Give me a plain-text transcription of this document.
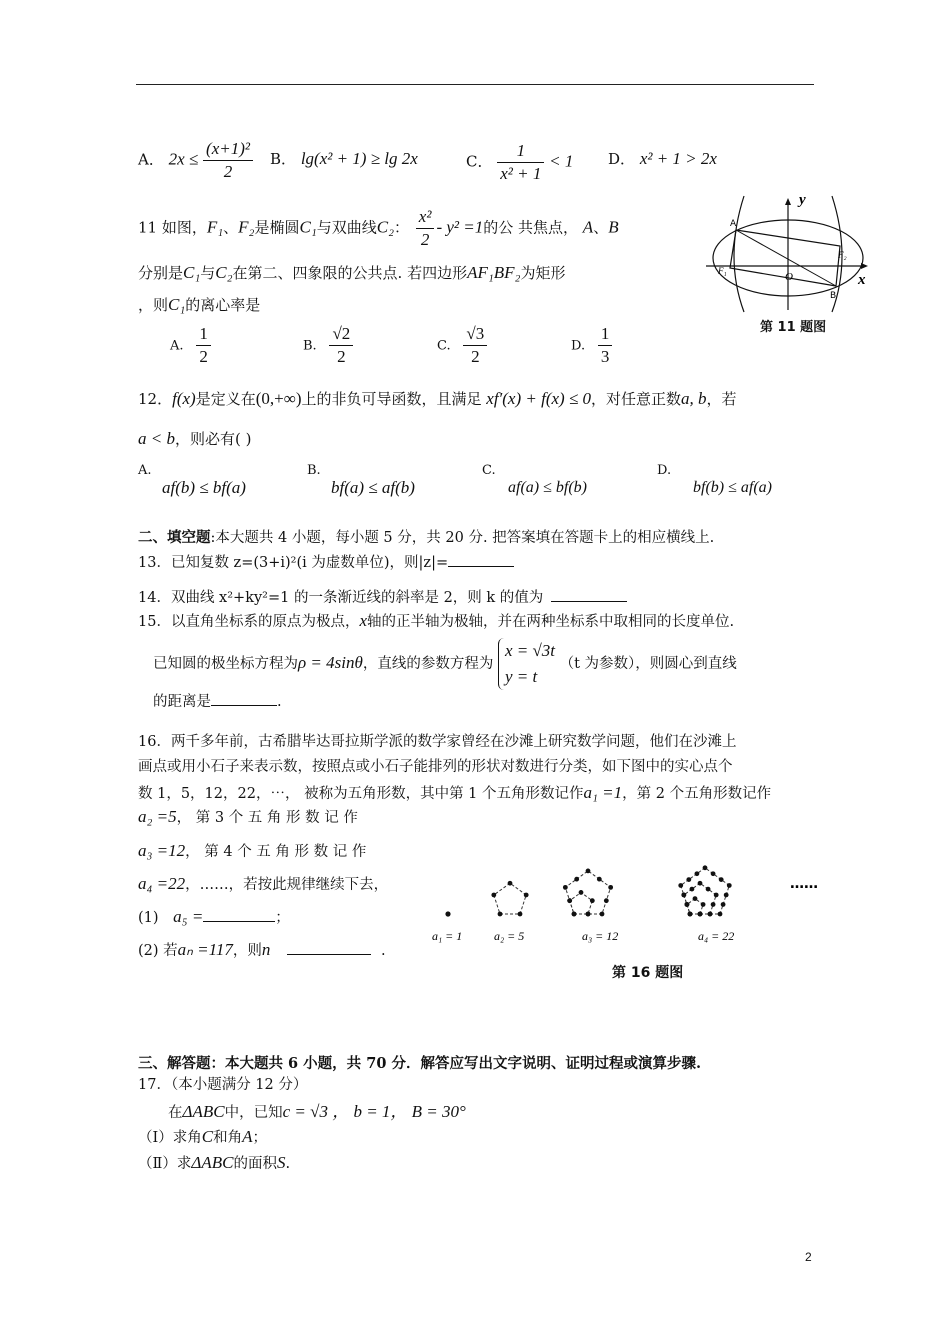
A． $2x \le \frac{\text{(x+1)²}}{2}$ B． lg(x² + 1) ≥ lg 2x	C． $\frac{1}{\text{x² + 1}} < 1$ D． x² + 1 > 2x
11 如图，F₁、F₂是椭圆C₁与双曲线C₂： $\frac{\text{x²}}{2} - y^2 =1$的公 共焦点， A、B
分别是C₁与C₂在第二、四象限的公共点. 若四边形AF₁BF₂为矩形
，则C₁的离心率是
A. $\frac{1}{2}$	B. $\frac{√2}{2}$	C. $\frac{√3}{2}$	D. $\frac{1}{3}$
y
x
A
B
O
F₁
F₂
第 11 题图
12．f(x)是定义在(0,+∞)上的非负可导函数，且满足 xf′(x) + f(x) ≤ 0，对任意正数a, b，若
a < b，则必有( )
A.
af(b) ≤ bf(a)
B.
bf(a) ≤ af(b)
C.
af(a) ≤ bf(b)
D.
bf(b) ≤ af(a)
二、填空题:本大题共 4 小题，每小题 5 分，共 20 分. 把答案填在答题卡上的相应横线上.
13．已知复数 z=(3+i)²(i 为虚数单位)，则|z|=
14．双曲线 x²+ky²=1 的一条渐近线的斜率是 2，则 k 的值为
15．以直角坐标系的原点为极点，x轴的正半轴为极轴，并在两种坐标系中取相同的长度单位.
已知圆的极坐标方程为ρ = 4sinθ，直线的参数方程为 x = √3t
y = t （t 为参数），则圆心到直线
的距离是	.
16．两千多年前，古希腊毕达哥拉斯学派的数学家曾经在沙滩上研究数学问题，他们在沙滩上
画点或用小石子来表示数，按照点或小石子能排列的形状对数进行分类，如下图中的实心点个
数 1，5，12，22，⋯， 被称为五角形数，其中第 1 个五角形数记作a₁ =1，第 2 个五角形数记作
a₂ =5， 第 3 个 五 角 形 数 记 作
a₃ =12， 第 4 个 五 角 形 数 记 作
a₄ =22，……，若按此规律继续下去，
(1) a₅ =	；
(2) 若aₙ =117，则n	.
a₁ = 1	a₂ = 5	a₃ = 12	a₄ = 22
……
第 16 题图
三、解答题：本大题共 6 小题，共 70 分．解答应写出文字说明、证明过程或演算步骤.
17．（本小题满分 12 分）
在ΔABC中，已知c = √3 ， b = 1， B = 30°
（Ⅰ）求角C和角A；
（Ⅱ）求ΔABC的面积S.
2
